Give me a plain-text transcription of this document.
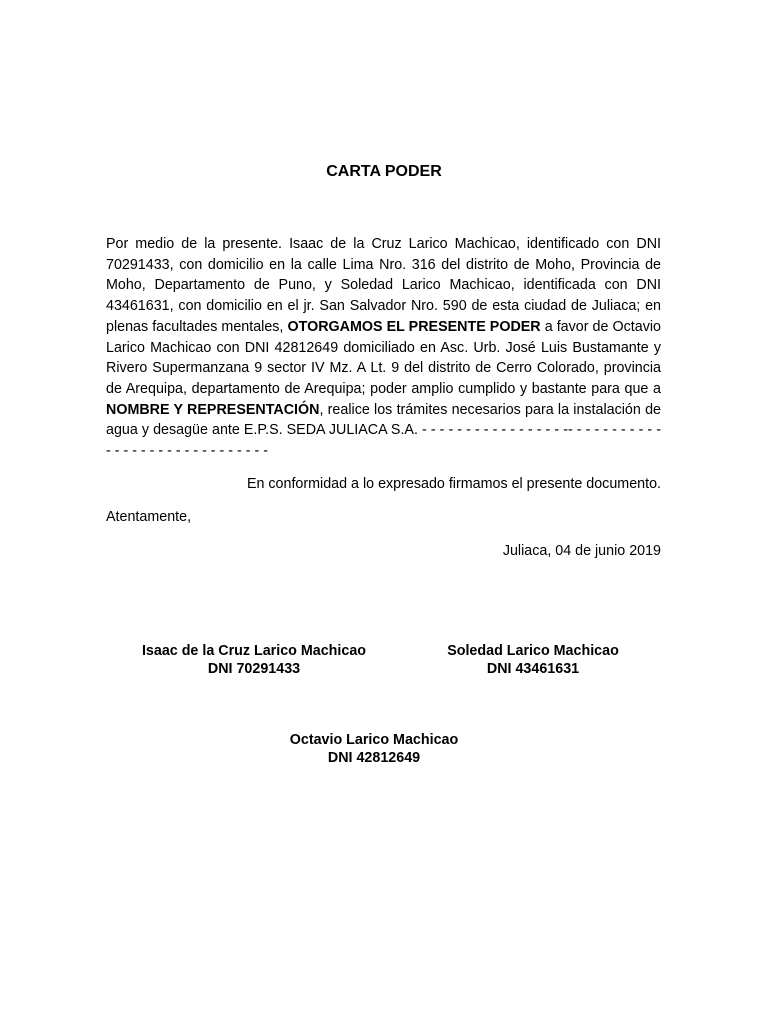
CARTA PODER

Por medio de la presente. Isaac de la Cruz Larico Machicao, identificado con DNI 70291433, con domicilio en la calle Lima Nro. 316 del distrito de Moho, Provincia de Moho, Departamento de Puno, y Soledad Larico Machicao, identificada con DNI 43461631, con domicilio en el jr. San Salvador Nro. 590 de esta ciudad de Juliaca; en plenas facultades mentales, OTORGAMOS EL PRESENTE PODER a favor de Octavio Larico Machicao con DNI 42812649 domiciliado en Asc. Urb. José Luis Bustamante y Rivero Supermanzana 9 sector IV Mz. A Lt. 9 del distrito de Cerro Colorado, provincia de Arequipa, departamento de Arequipa; poder amplio cumplido y bastante para que a NOMBRE Y REPRESENTACIÓN, realice los trámites necesarios para la instalación de agua y desagüe ante E.P.S. SEDA JULIACA S.A. - - - - - - - - - - - - - - - - -- - - - - - - - - - - - - - - - - - - - - - - - - - - - - -

En conformidad a lo expresado firmamos el presente documento.
Atentamente,
Juliaca, 04 de junio 2019
Isaac de la Cruz Larico Machicao
DNI 70291433
Soledad Larico Machicao
DNI 43461631
Octavio Larico Machicao
DNI 42812649
